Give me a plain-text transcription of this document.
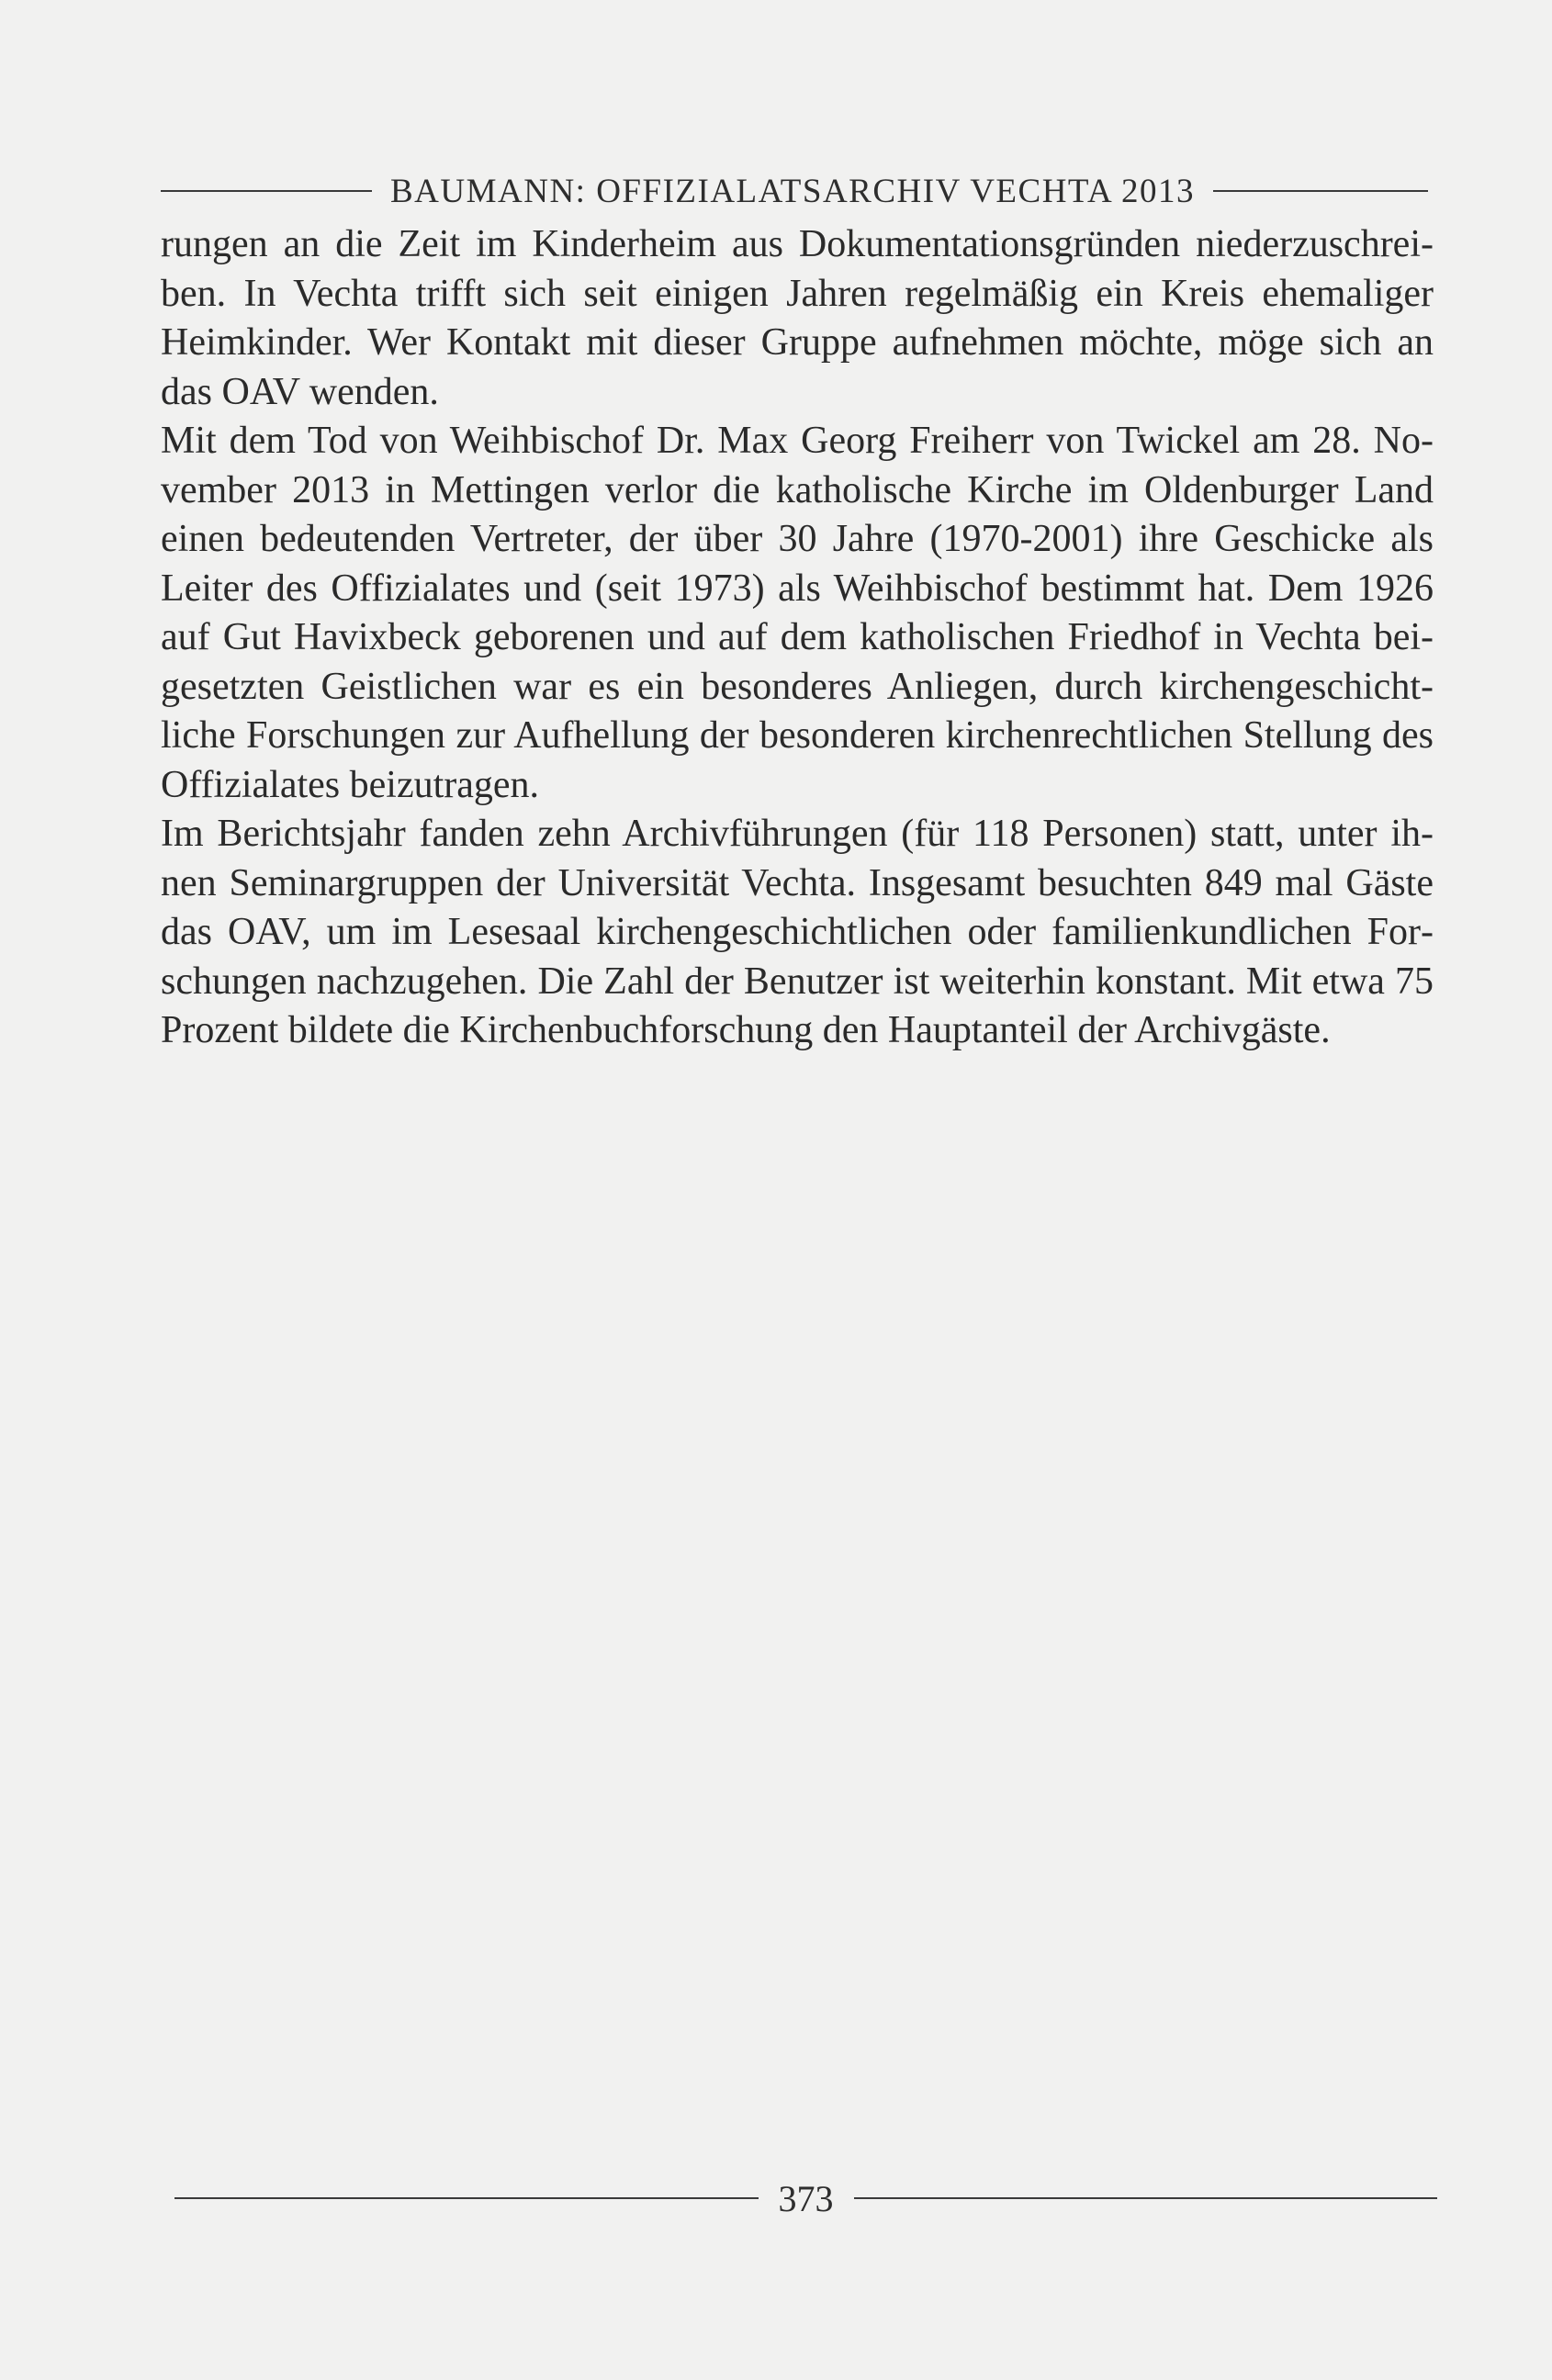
BAUMANN: OFFIZIALATSARCHIV VECHTA 2013

rungen an die Zeit im Kinderheim aus Dokumentationsgründen niederzuschreiben. In Vechta trifft sich seit einigen Jahren regelmäßig ein Kreis ehemaliger Heimkinder. Wer Kontakt mit dieser Gruppe aufnehmen möchte, möge sich an das OAV wenden.

Mit dem Tod von Weihbischof Dr. Max Georg Freiherr von Twickel am 28. November 2013 in Mettingen verlor die katholische Kirche im Oldenburger Land einen bedeutenden Vertreter, der über 30 Jahre (1970-2001) ihre Geschicke als Leiter des Offizialates und (seit 1973) als Weihbischof bestimmt hat. Dem 1926 auf Gut Havixbeck geborenen und auf dem katholischen Friedhof in Vechta beigesetzten Geistlichen war es ein besonderes Anliegen, durch kirchengeschichtliche Forschungen zur Aufhellung der besonderen kirchenrechtlichen Stellung des Offizialates beizutragen.

Im Berichtsjahr fanden zehn Archivführungen (für 118 Personen) statt, unter ihnen Seminargruppen der Universität Vechta. Insgesamt besuchten 849 mal Gäste das OAV, um im Lesesaal kirchengeschichtlichen oder familienkundlichen Forschungen nachzugehen. Die Zahl der Benutzer ist weiterhin konstant. Mit etwa 75 Prozent bildete die Kirchenbuchforschung den Hauptanteil der Archivgäste.

373
